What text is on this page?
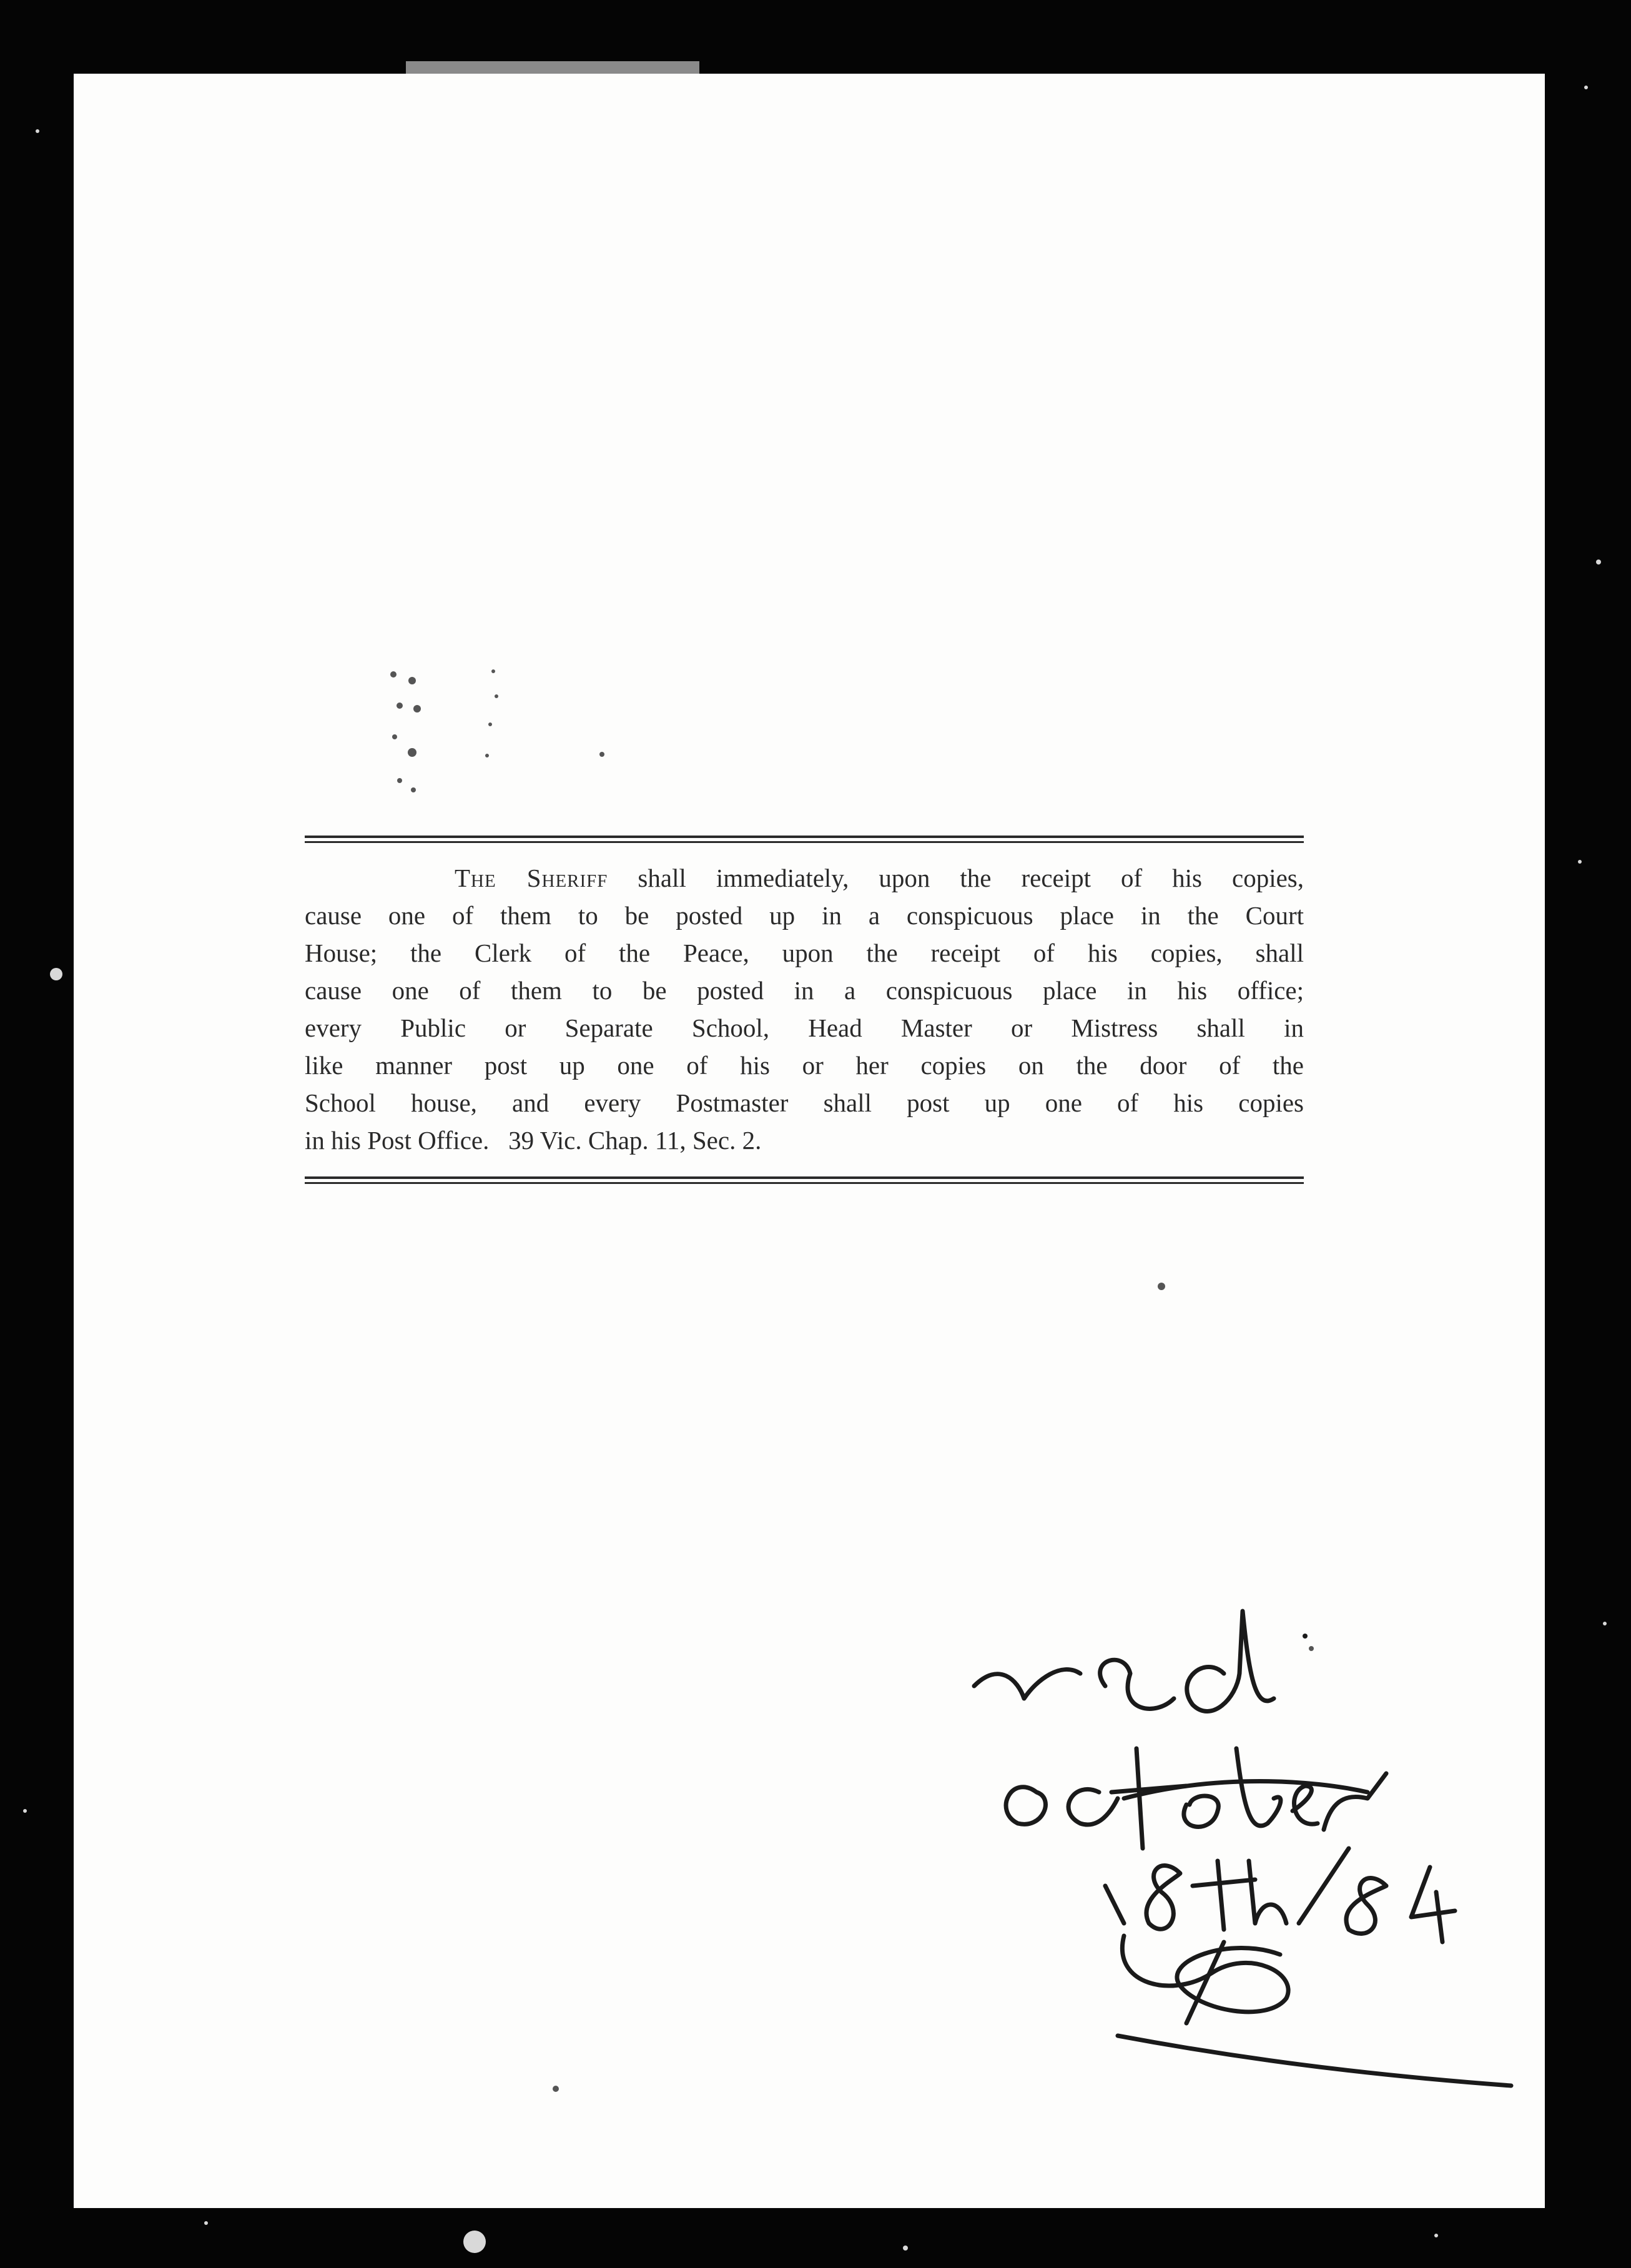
The Sheriff shall immediately, upon the receipt of his copies,
cause one of them to be posted up in a conspicuous place in the Court
House; the Clerk of the Peace, upon the receipt of his copies, shall
cause one of them to be posted in a conspicuous place in his office;
every Public or Separate School, Head Master or Mistress shall in
like manner post up one of his or her copies on the door of the
School house, and every Postmaster shall post up one of his copies
in his Post Office.   39 Vic. Chap. 11, Sec. 2.
